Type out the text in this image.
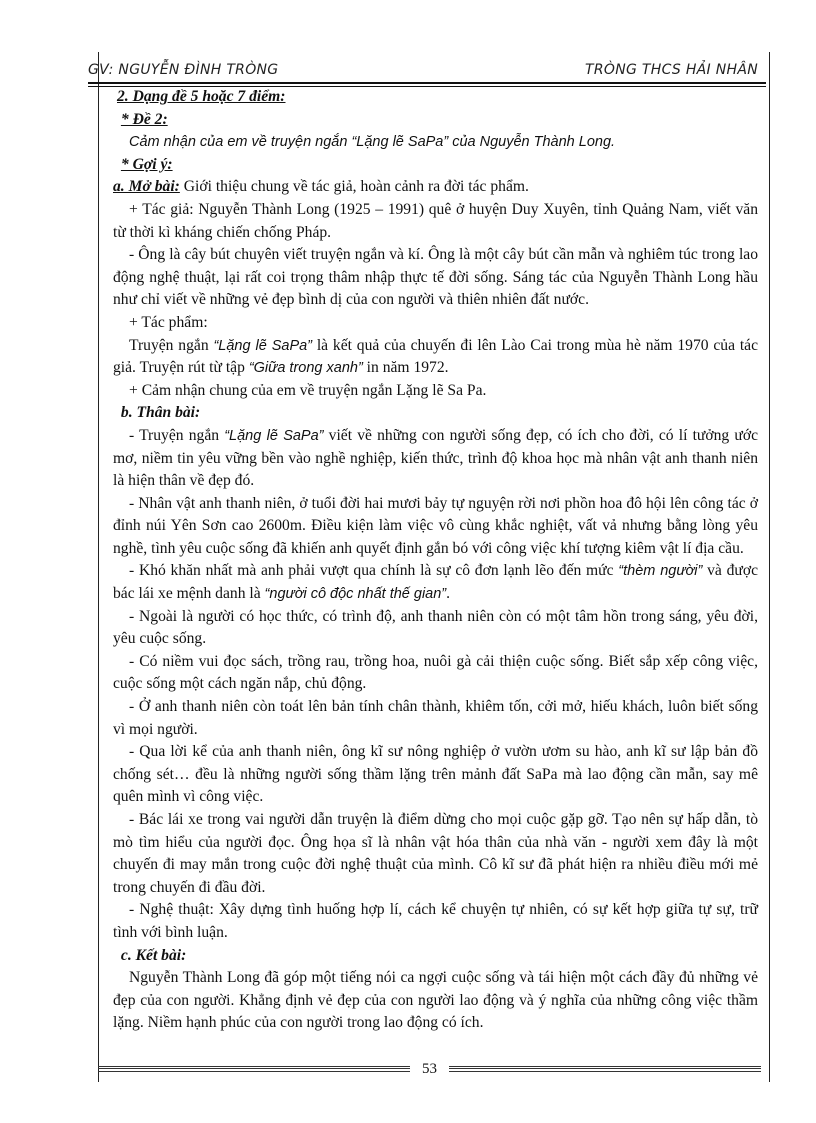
GV: NGUYỄN ĐÌNH TRÒNG	TRÒNG THCS HẢI NHÂN

2. Dạng đề 5 hoặc 7 điểm:

* Đề 2:

Cảm nhận của em về truyện ngắn “Lặng lẽ SaPa” của Nguyễn Thành Long.

* Gợi ý:

a. Mở bài: Giới thiệu chung về tác giả, hoàn cảnh ra đời tác phẩm.

+ Tác giả: Nguyễn Thành Long (1925 – 1991) quê ở huyện Duy Xuyên, tỉnh Quảng Nam, viết văn từ thời kì kháng chiến chống Pháp.

- Ông là cây bút chuyên viết truyện ngắn và kí. Ông là một cây bút cần mẫn và nghiêm túc trong lao động nghệ thuật, lại rất coi trọng thâm nhập thực tế đời sống. Sáng tác của Nguyễn Thành Long hầu như chỉ viết về những vẻ đẹp bình dị của con người và thiên nhiên đất nước.

+ Tác phẩm:

Truyện ngắn “Lặng lẽ SaPa” là kết quả của chuyến đi lên Lào Cai trong mùa hè năm 1970 của tác giả. Truyện rút từ tập “Giữa trong xanh” in năm 1972.

+ Cảm nhận chung của em về truyện ngắn Lặng lẽ Sa Pa.

b. Thân bài:

- Truyện ngắn “Lặng lẽ SaPa” viết về những con người sống đẹp, có ích cho đời, có lí tưởng ước mơ, niềm tin yêu vững bền vào nghề nghiệp, kiến thức, trình độ khoa học mà nhân vật anh thanh niên là hiện thân về đẹp đó.

- Nhân vật anh thanh niên, ở tuổi đời hai mươi bảy tự nguyện rời nơi phồn hoa đô hội lên công tác ở đỉnh núi Yên Sơn cao 2600m. Điều kiện làm việc vô cùng khắc nghiệt, vất vả nhưng bằng lòng yêu nghề, tình yêu cuộc sống đã khiến anh quyết định gắn bó với công việc khí tượng kiêm vật lí địa cầu.

- Khó khăn nhất mà anh phải vượt qua chính là sự cô đơn lạnh lẽo đến mức “thèm người” và được bác lái xe mệnh danh là “người cô độc nhất thế gian”.

- Ngoài là người có học thức, có trình độ, anh thanh niên còn có một tâm hồn trong sáng, yêu đời, yêu cuộc sống.

- Có niềm vui đọc sách, trồng rau, trồng hoa, nuôi gà cải thiện cuộc sống. Biết sắp xếp công việc, cuộc sống một cách ngăn nắp, chủ động.

- Ở anh thanh niên còn toát lên bản tính chân thành, khiêm tốn, cởi mở, hiếu khách, luôn biết sống vì mọi người.

- Qua lời kể của anh thanh niên, ông kĩ sư nông nghiệp ở vườn ươm su hào, anh kĩ sư lập bản đồ chống sét… đều là những người sống thầm lặng trên mảnh đất SaPa mà lao động cần mẫn, say mê quên mình vì công việc.

- Bác lái xe trong vai người dẫn truyện là điểm dừng cho mọi cuộc gặp gỡ. Tạo nên sự hấp dẫn, tò mò tìm hiểu của người đọc. Ông họa sĩ là nhân vật hóa thân của nhà văn - người xem đây là một chuyến đi may mắn trong cuộc đời nghệ thuật của mình. Cô kĩ sư đã phát hiện ra nhiều điều mới mẻ trong chuyến đi đầu đời.

- Nghệ thuật: Xây dựng tình huống hợp lí, cách kể chuyện tự nhiên, có sự kết hợp giữa tự sự, trữ tình với bình luận.

c. Kết bài:

Nguyễn Thành Long đã góp một tiếng nói ca ngợi cuộc sống và tái hiện một cách đầy đủ những vẻ đẹp của con người. Khẳng định vẻ đẹp của con người lao động và ý nghĩa của những công việc thầm lặng. Niềm hạnh phúc của con người trong lao động có ích.

53
